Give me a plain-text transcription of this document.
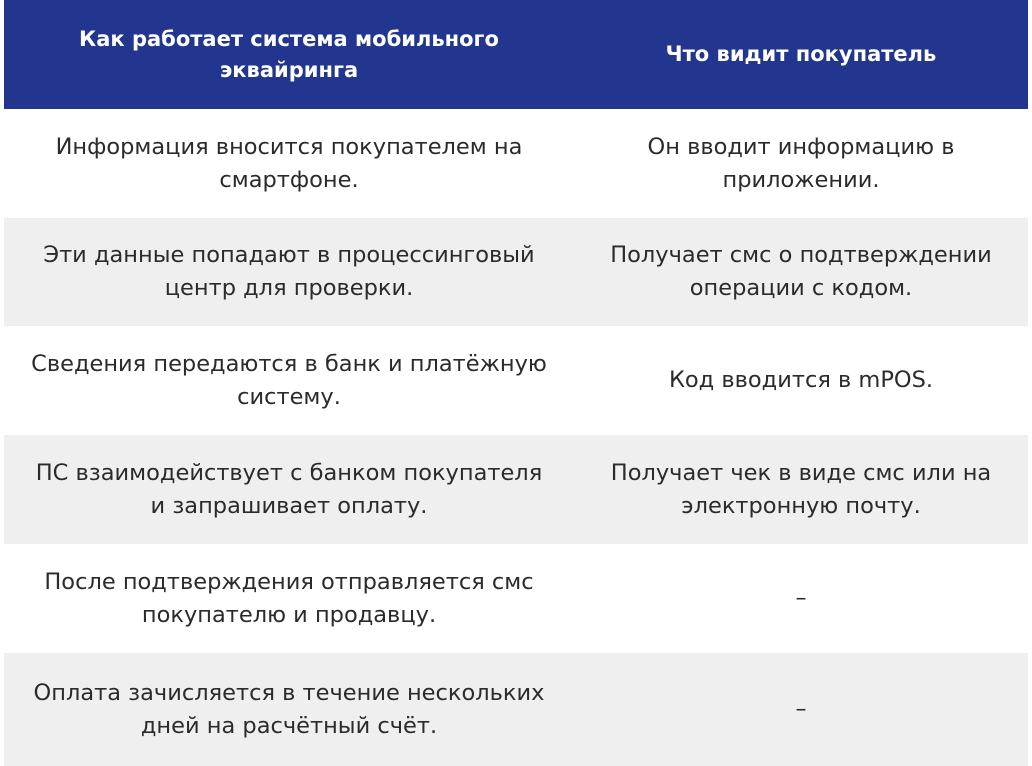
Как работает система мобильного эквайринга
Что видит покупатель
Информация вносится покупателем на смартфоне.
Он вводит информацию в приложении.
Эти данные попадают в процессинговый центр для проверки.
Получает смс о подтверждении операции с кодом.
Сведения передаются в банк и платёжную систему.
Код вводится в mPOS.
ПС взаимодействует с банком покупателя и запрашивает оплату.
Получает чек в виде смс или на электронную почту.
После подтверждения отправляется смс покупателю и продавцу.
–
Оплата зачисляется в течение нескольких дней на расчётный счёт.
–
